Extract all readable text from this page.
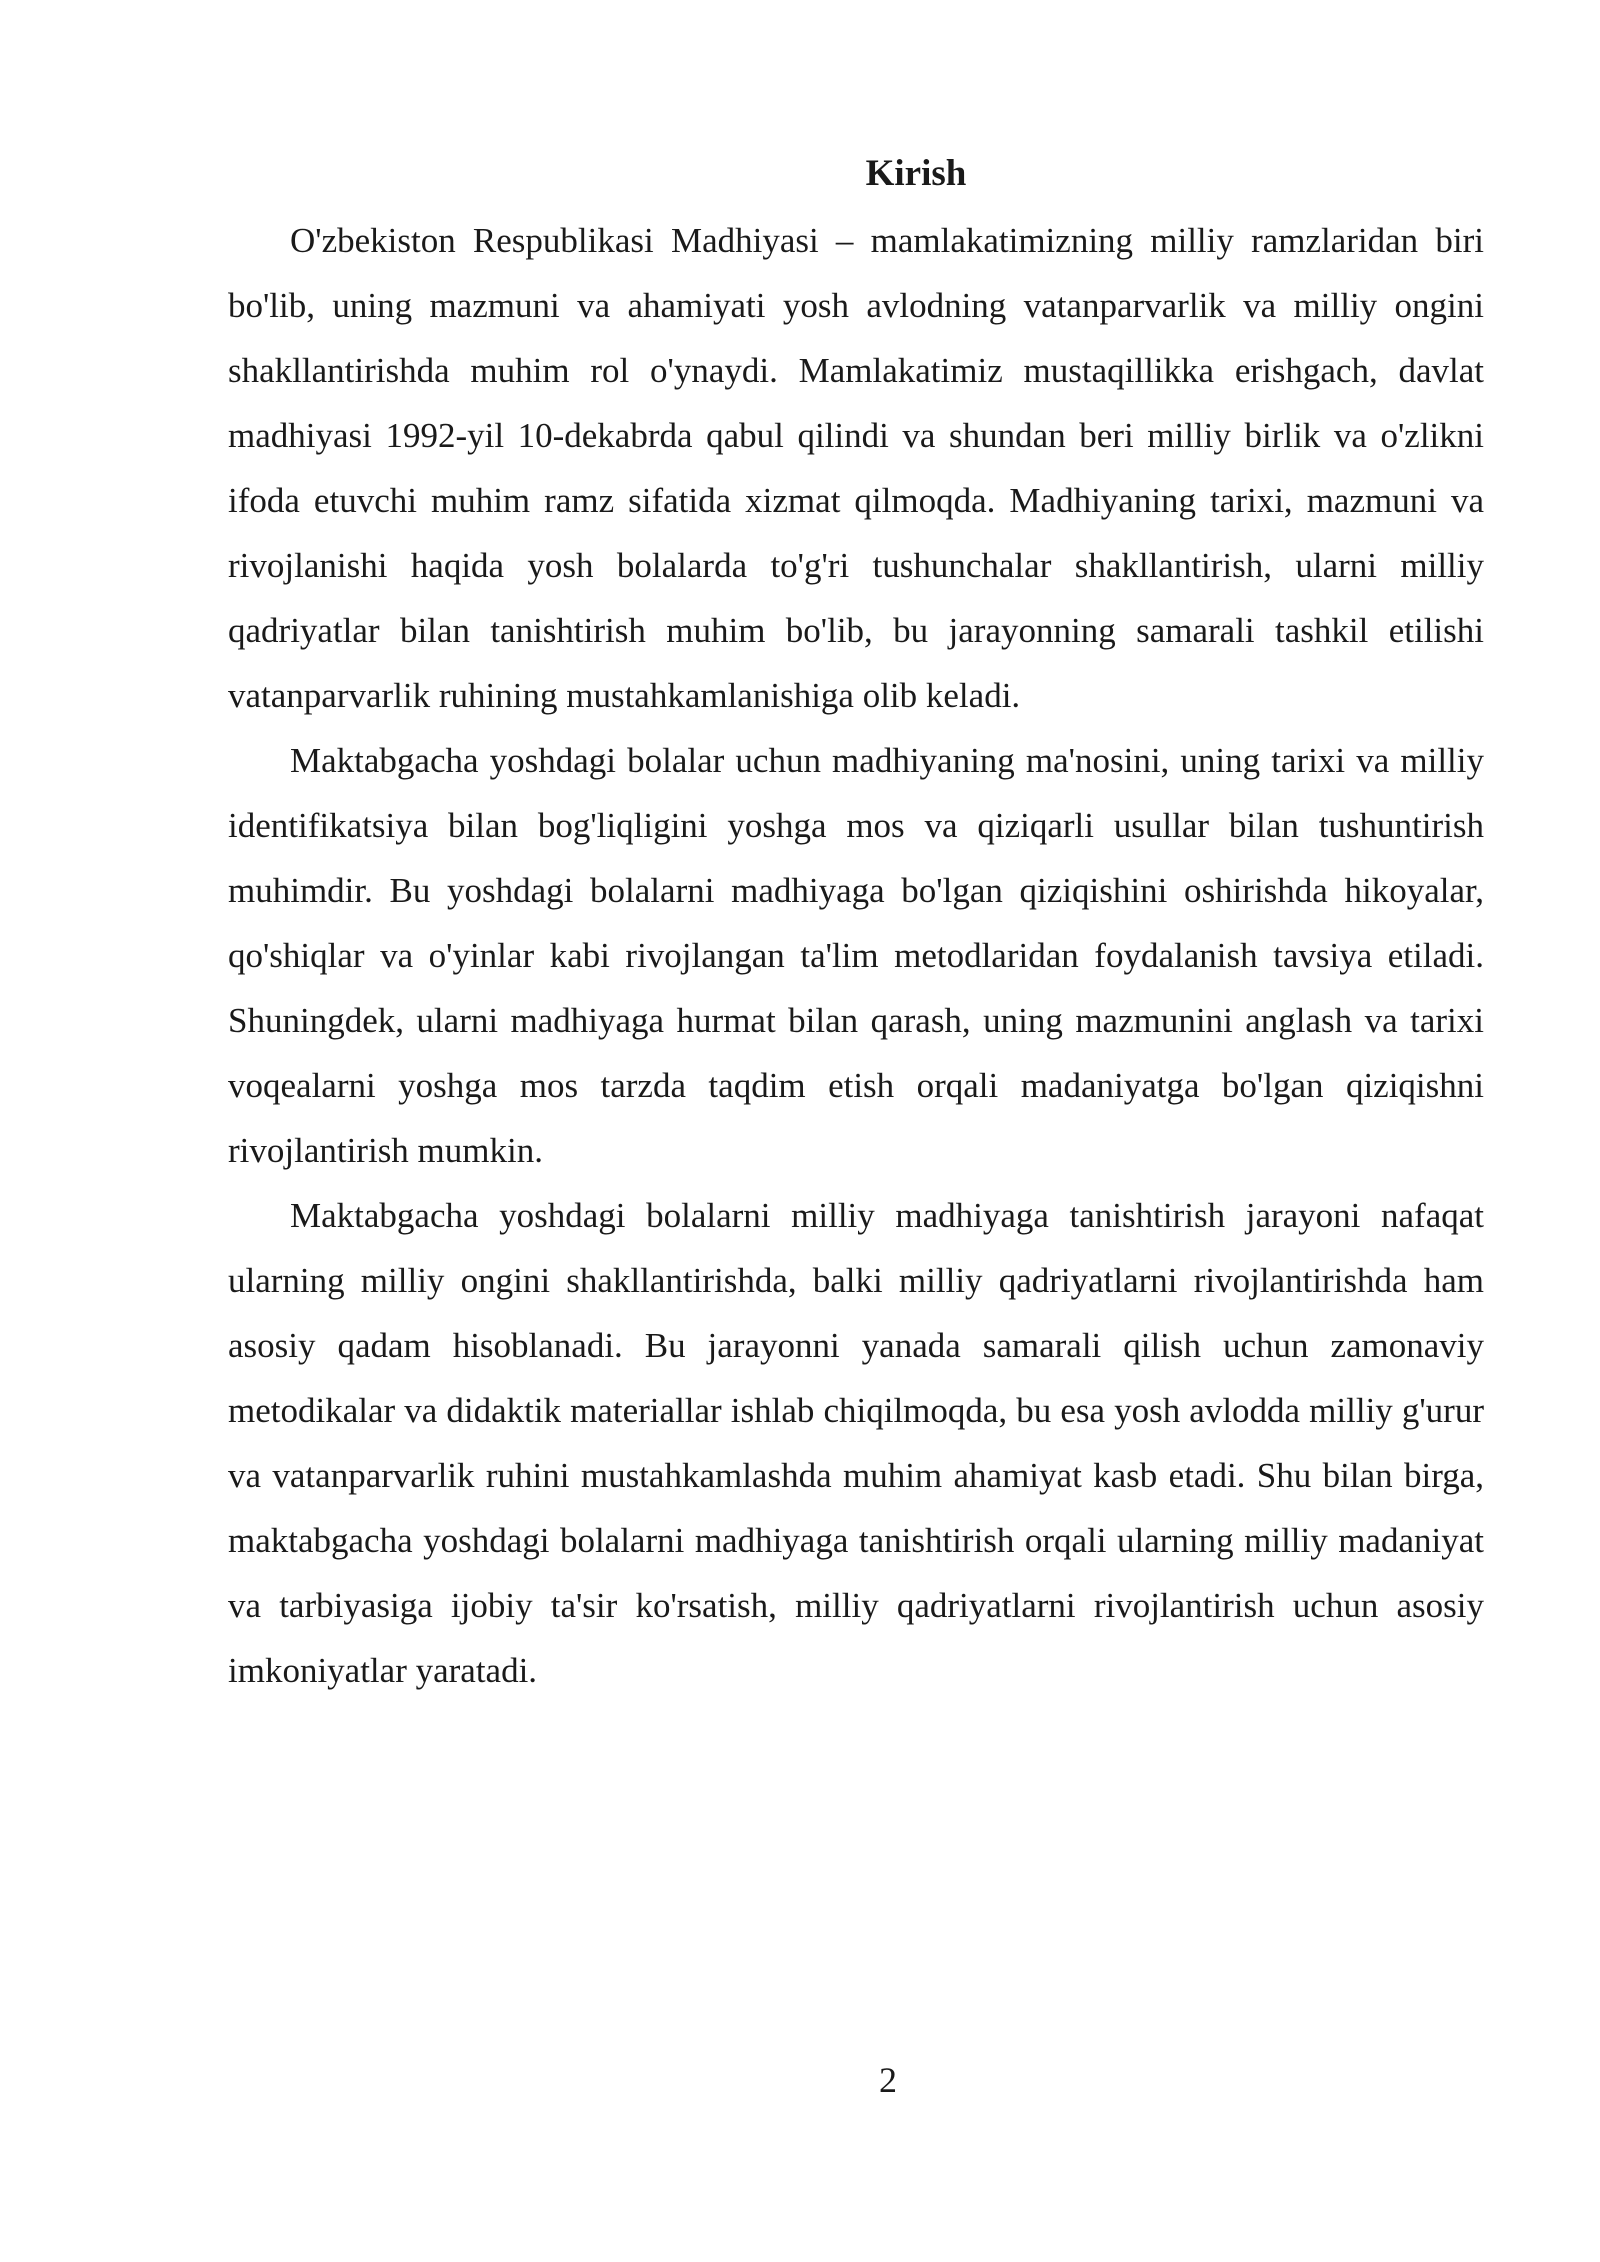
Kirish

O'zbekiston Respublikasi Madhiyasi – mamlakatimizning milliy ramzlaridan biri bo'lib, uning mazmuni va ahamiyati yosh avlodning vatanparvarlik va milliy ongini shakllantirishda muhim rol o'ynaydi. Mamlakatimiz mustaqillikka erishgach, davlat madhiyasi 1992-yil 10-dekabrda qabul qilindi va shundan beri milliy birlik va o'zlikni ifoda etuvchi muhim ramz sifatida xizmat qilmoqda. Madhiyaning tarixi, mazmuni va rivojlanishi haqida yosh bolalarda to'g'ri tushunchalar shakllantirish, ularni milliy qadriyatlar bilan tanishtirish muhim bo'lib, bu jarayonning samarali tashkil etilishi vatanparvarlik ruhining mustahkamlanishiga olib keladi.

Maktabgacha yoshdagi bolalar uchun madhiyaning ma'nosini, uning tarixi va milliy identifikatsiya bilan bog'liqligini yoshga mos va qiziqarli usullar bilan tushuntirish muhimdir. Bu yoshdagi bolalarni madhiyaga bo'lgan qiziqishini oshirishda hikoyalar, qo'shiqlar va o'yinlar kabi rivojlangan ta'lim metodlaridan foydalanish tavsiya etiladi. Shuningdek, ularni madhiyaga hurmat bilan qarash, uning mazmunini anglash va tarixi voqealarni yoshga mos tarzda taqdim etish orqali madaniyatga bo'lgan qiziqishni rivojlantirish mumkin.

Maktabgacha yoshdagi bolalarni milliy madhiyaga tanishtirish jarayoni nafaqat ularning milliy ongini shakllantirishda, balki milliy qadriyatlarni rivojlantirishda ham asosiy qadam hisoblanadi. Bu jarayonni yanada samarali qilish uchun zamonaviy metodikalar va didaktik materiallar ishlab chiqilmoqda, bu esa yosh avlodda milliy g'urur va vatanparvarlik ruhini mustahkamlashda muhim ahamiyat kasb etadi. Shu bilan birga, maktabgacha yoshdagi bolalarni madhiyaga tanishtirish orqali ularning milliy madaniyat va tarbiyasiga ijobiy ta'sir ko'rsatish, milliy qadriyatlarni rivojlantirish uchun asosiy imkoniyatlar yaratadi.

2
